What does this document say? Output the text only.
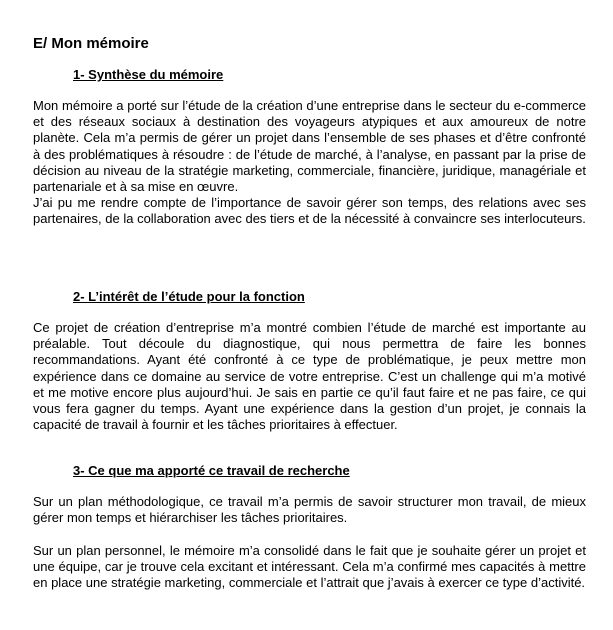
E/ Mon mémoire
1- Synthèse du mémoire

Mon mémoire a porté sur l’étude de la création d’une entreprise dans le secteur du e-commerce et des réseaux sociaux à destination des voyageurs atypiques et aux amoureux de notre planète. Cela m’a permis de gérer un projet dans l’ensemble de ses phases et d’être confronté à des problématiques à résoudre : de l’étude de marché, à l’analyse, en passant par la prise de décision au niveau de la stratégie marketing, commerciale, financière, juridique, managériale et partenariale et à sa mise en œuvre.

J’ai pu me rendre compte de l’importance de savoir gérer son temps, des relations avec ses partenaires, de la collaboration avec des tiers et de la nécessité à convaincre ses interlocuteurs.

2- L’intérêt de l’étude pour la fonction

Ce projet de création d’entreprise m’a montré combien l’étude de marché est importante au préalable. Tout découle du diagnostique, qui nous permettra de faire les bonnes recommandations. Ayant été confronté à ce type de problématique, je peux mettre mon expérience dans ce domaine au service de votre entreprise. C’est un challenge qui m’a motivé et me motive encore plus aujourd’hui. Je sais en partie ce qu’il faut faire et ne pas faire, ce qui vous fera gagner du temps. Ayant une expérience dans la gestion d’un projet, je connais la capacité de travail à fournir et les tâches prioritaires à effectuer.

3- Ce que ma apporté ce travail de recherche

Sur un plan méthodologique, ce travail m’a permis de savoir structurer mon travail, de mieux gérer mon temps et hiérarchiser les tâches prioritaires.

Sur un plan personnel, le mémoire m’a consolidé dans le fait que je souhaite gérer un projet et une équipe, car je trouve cela excitant et intéressant. Cela m’a confirmé mes capacités à mettre en place une stratégie marketing, commerciale et l’attrait que j’avais à exercer ce type d’activité.
